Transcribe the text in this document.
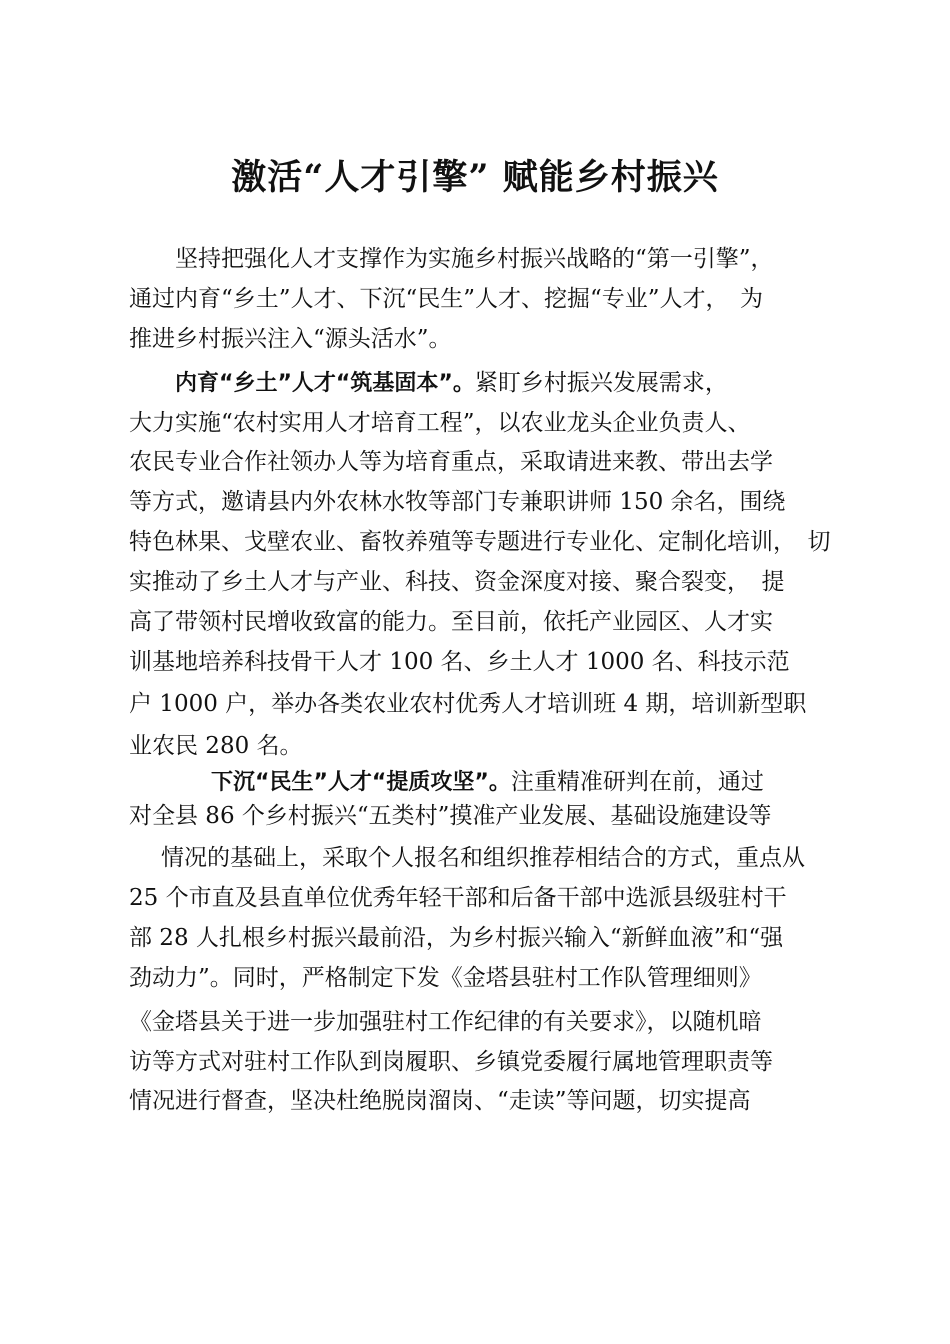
激活“人才引擎” 赋能乡村振兴
坚持把强化人才支撑作为实施乡村振兴战略的“第一引擎”，
通过内育“乡土”人才、下沉“民生”人才、挖掘“专业”人才，　为
推进乡村振兴注入“源头活水”。
内育“乡土”人才“筑基固本”。紧盯乡村振兴发展需求，
大力实施“农村实用人才培育工程”，以农业龙头企业负责人、
农民专业合作社领办人等为培育重点，采取请进来教、带出去学
等方式，邀请县内外农林水牧等部门专兼职讲师 150 余名，围绕
特色林果、戈壁农业、畜牧养殖等专题进行专业化、定制化培训，　切
实推动了乡土人才与产业、科技、资金深度对接、聚合裂变，　提
高了带领村民增收致富的能力。至目前，依托产业园区、人才实
训基地培养科技骨干人才 100 名、乡土人才 1000 名、科技示范
户 1000 户，举办各类农业农村优秀人才培训班 4 期，培训新型职
业农民 280 名。
下沉“民生”人才“提质攻坚”。注重精准研判在前，通过
对全县 86 个乡村振兴“五类村”摸准产业发展、基础设施建设等
情况的基础上，采取个人报名和组织推荐相结合的方式，重点从
25 个市直及县直单位优秀年轻干部和后备干部中选派县级驻村干
部 28 人扎根乡村振兴最前沿，为乡村振兴输入“新鲜血液”和“强
劲动力”。同时，严格制定下发《金塔县驻村工作队管理细则》
《金塔县关于进一步加强驻村工作纪律的有关要求》，以随机暗
访等方式对驻村工作队到岗履职、乡镇党委履行属地管理职责等
情况进行督查，坚决杜绝脱岗溜岗、“走读”等问题，切实提高
